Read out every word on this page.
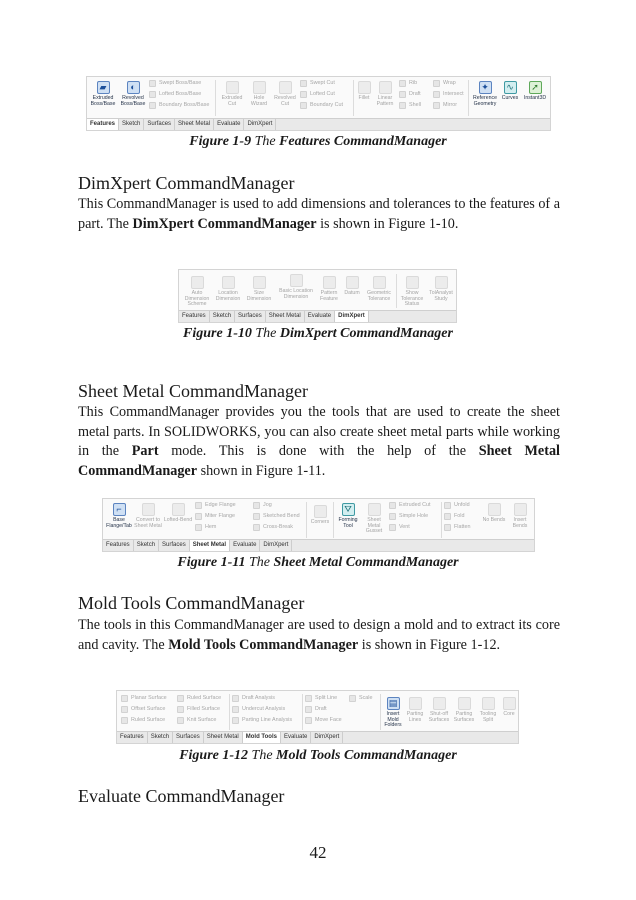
▰
Extruded Boss/Base
◐
Revolved Boss/Base
Swept Boss/Base
Lofted Boss/Base
Boundary Boss/Base
Extruded Cut
Hole Wizard
Revolved Cut
Swept Cut
Lofted Cut
Boundary Cut
Fillet	Linear Pattern
Rib
Draft
Shell
Wrap
Intersect
Mirror
✦
Reference Geometry
∿
Curves
➚
Instant3D
Features	Sketch	Surfaces	Sheet Metal	Evaluate	DimXpert
Figure 1-9 The Features CommandManager
DimXpert CommandManager
This CommandManager is used to add dimensions and tolerances to the features of a part. The DimXpert CommandManager is shown in Figure 1-10.
Auto Dimension Scheme
Location Dimension
Size Dimension
Basic Location Dimension
Pattern Feature
Datum	Geometric Tolerance
Show Tolerance Status
TolAnalyst Study
Features	Sketch	Surfaces	Sheet Metal	Evaluate	DimXpert
Figure 1-10 The DimXpert CommandManager
Sheet Metal CommandManager
This CommandManager provides you the tools that are used to create the sheet metal parts. In SOLIDWORKS, you can also create sheet metal parts while working in the Part mode. This is done with the help of the Sheet Metal CommandManager shown in Figure 1-11.
⌐
Base Flange/Tab
Convert to Sheet Metal
Lofted-Bend
Edge Flange
Miter Flange
Hem
Jog
Sketched Bend
Cross-Break
Corners
⛛
Forming Tool
Sheet Metal Gusset
Extruded Cut
Simple Hole
Vent
Unfold
Fold
Flatten
No Bends	Insert Bends
Features	Sketch	Surfaces	Sheet Metal	Evaluate	DimXpert
Figure 1-11 The Sheet Metal CommandManager
Mold Tools CommandManager
The tools in this CommandManager are used to design a mold and to extract its core and cavity. The Mold Tools CommandManager is shown in Figure 1-12.
Planar Surface
Offset Surface
Ruled Surface
Ruled Surface
Filled Surface
Knit Surface
Draft Analysis
Undercut Analysis
Parting Line Analysis
Split Line
Draft
Move Face
Scale ▤
Insert Mold Folders
Parting Lines
Shut-off Surfaces
Parting Surfaces
Tooling Split
Core
Features	Sketch	Surfaces	Sheet Metal	Mold Tools	Evaluate	DimXpert
Figure 1-12 The Mold Tools CommandManager
Evaluate CommandManager
42
